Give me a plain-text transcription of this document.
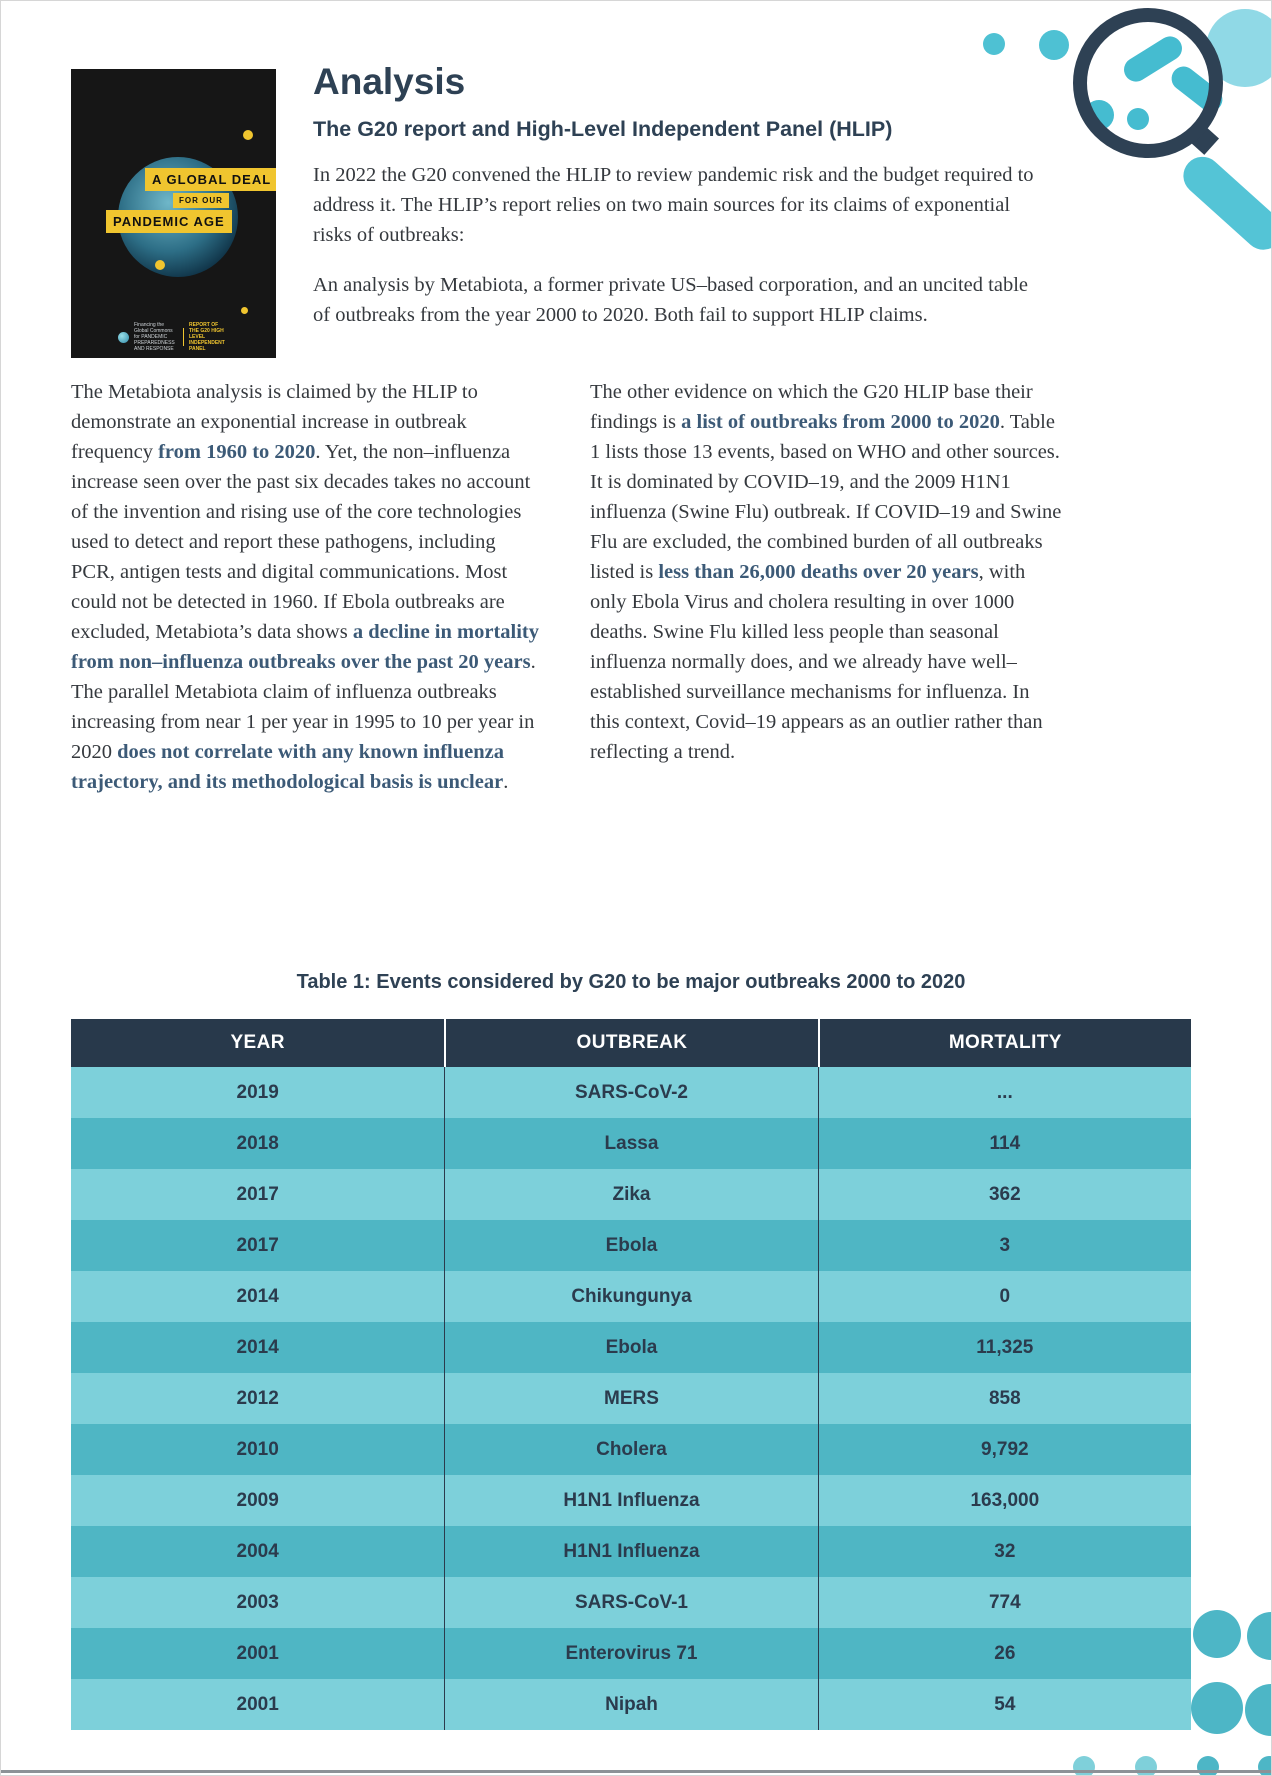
A GLOBAL DEAL
FOR OUR
PANDEMIC AGE
Financing the Global Commons for PANDEMIC PREPAREDNESS AND RESPONSE
REPORT OF THE G20 HIGH LEVEL INDEPENDENT PANEL
Analysis
The G20 report and High-Level Independent Panel (HLIP)

In 2022 the G20 convened the HLIP to review pandemic risk and the budget required to address it. The HLIP’s report relies on two main sources for its claims of exponential risks of outbreaks:

An analysis by Metabiota, a former private US–based corporation, and an uncited table of outbreaks from the year 2000 to 2020. Both fail to support HLIP claims.

The Metabiota analysis is claimed by the HLIP to demonstrate an exponential increase in outbreak frequency from 1960 to 2020. Yet, the non–influenza increase seen over the past six decades takes no account of the invention and rising use of the core technologies used to detect and report these pathogens, including PCR, antigen tests and digital communications. Most could not be detected in 1960. If Ebola outbreaks are excluded, Metabiota’s data shows a decline in mortality from non–influenza outbreaks over the past 20 years. The parallel Metabiota claim of influenza outbreaks increasing from near 1 per year in 1995 to 10 per year in 2020 does not correlate with any known influenza trajectory, and its methodological basis is unclear.
The other evidence on which the G20 HLIP base their findings is a list of outbreaks from 2000 to 2020. Table 1 lists those 13 events, based on WHO and other sources. It is dominated by COVID–19, and the 2009 H1N1 influenza (Swine Flu) outbreak. If COVID–19 and Swine Flu are excluded, the combined burden of all outbreaks listed is less than 26,000 deaths over 20 years, with only Ebola Virus and cholera resulting in over 1000 deaths. Swine Flu killed less people than seasonal influenza normally does, and we already have well–established surveillance mechanisms for influenza. In this context, Covid–19 appears as an outlier rather than reflecting a trend.
Table 1: Events considered by G20 to be major outbreaks 2000 to 2020
YEAR	OUTBREAK	MORTALITY
2019	SARS-CoV-2	...
2018	Lassa	114
2017	Zika	362
2017	Ebola	3
2014	Chikungunya	0
2014	Ebola	11,325
2012	MERS	858
2010	Cholera	9,792
2009	H1N1 Influenza	163,000
2004	H1N1 Influenza	32
2003	SARS-CoV-1	774
2001	Enterovirus 71	26
2001	Nipah	54
